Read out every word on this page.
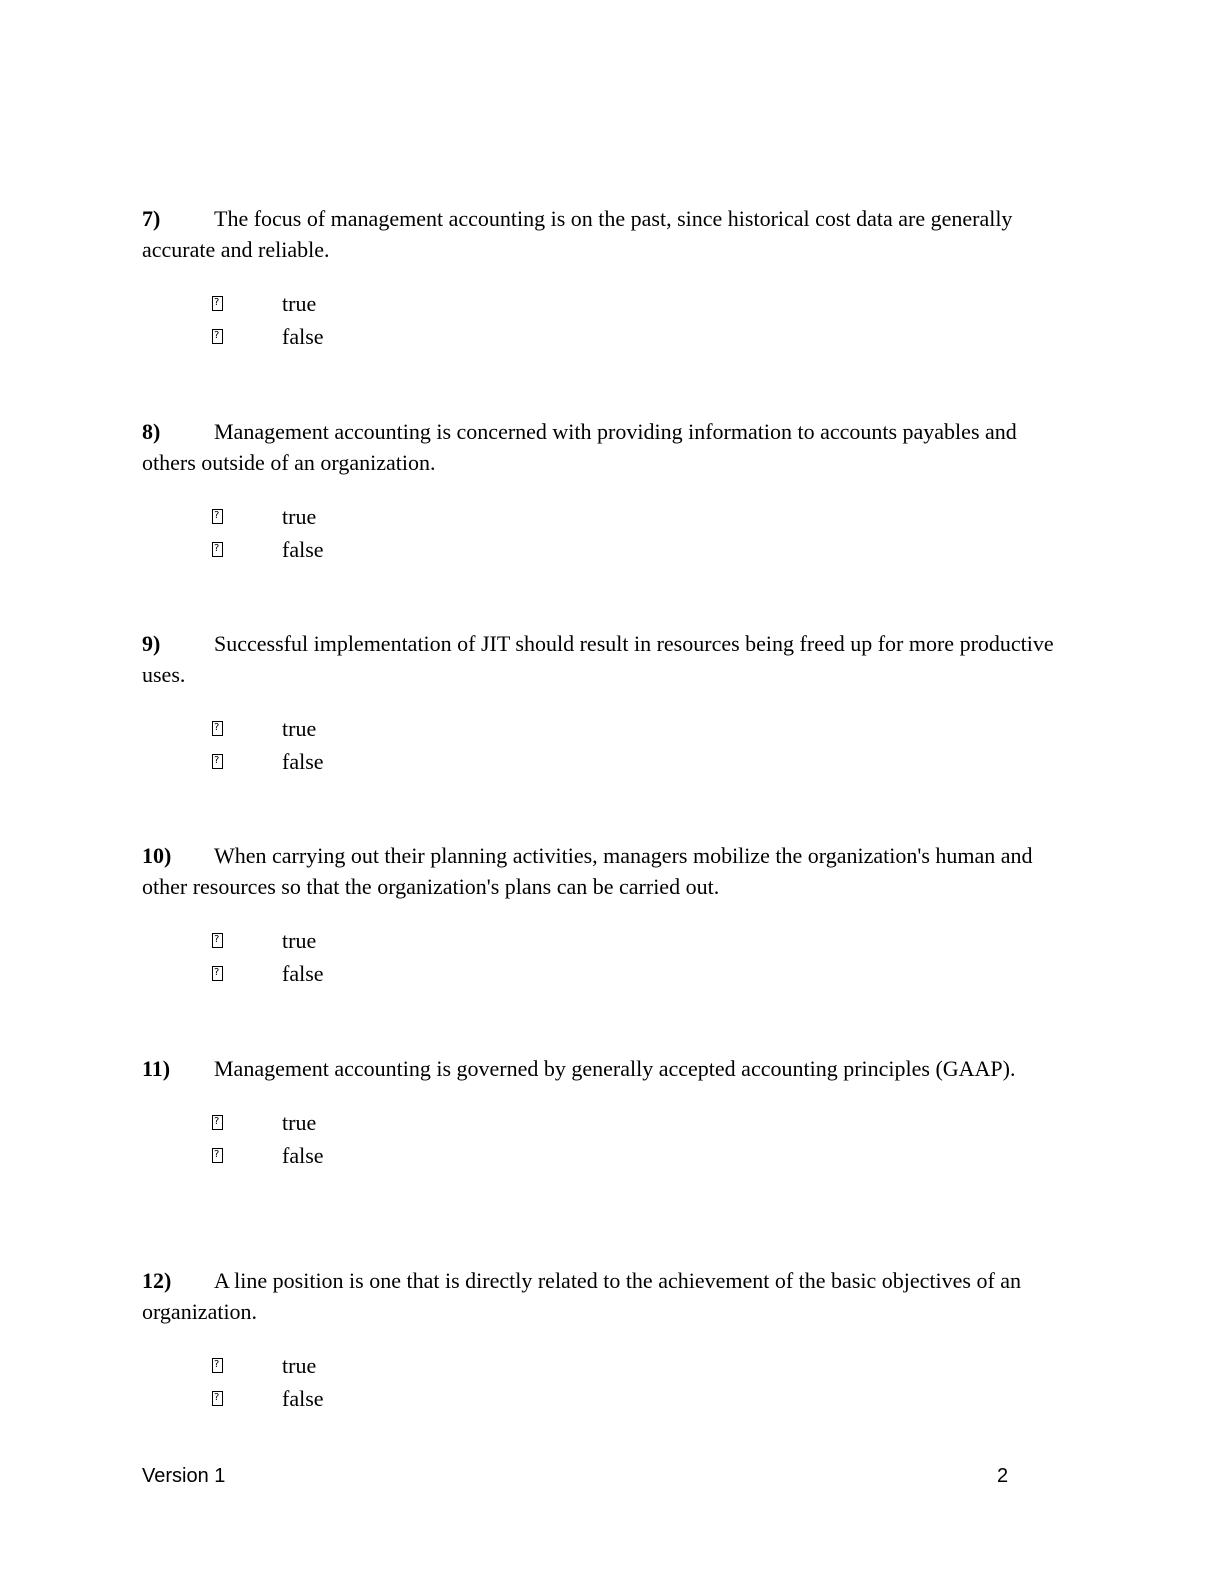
7) The focus of management accounting is on the past, since historical cost data are generally accurate and reliable.
?
true
?
false
8) Management accounting is concerned with providing information to accounts payables and others outside of an organization.
?
true
?
false
9) Successful implementation of JIT should result in resources being freed up for more productive uses.
?
true
?
false
10) When carrying out their planning activities, managers mobilize the organization's human and other resources so that the organization's plans can be carried out.
?
true
?
false
11) Management accounting is governed by generally accepted accounting principles (GAAP).
?
true
?
false
12) A line position is one that is directly related to the achievement of the basic objectives of an organization.
?
true
?
false
Version 1	2
